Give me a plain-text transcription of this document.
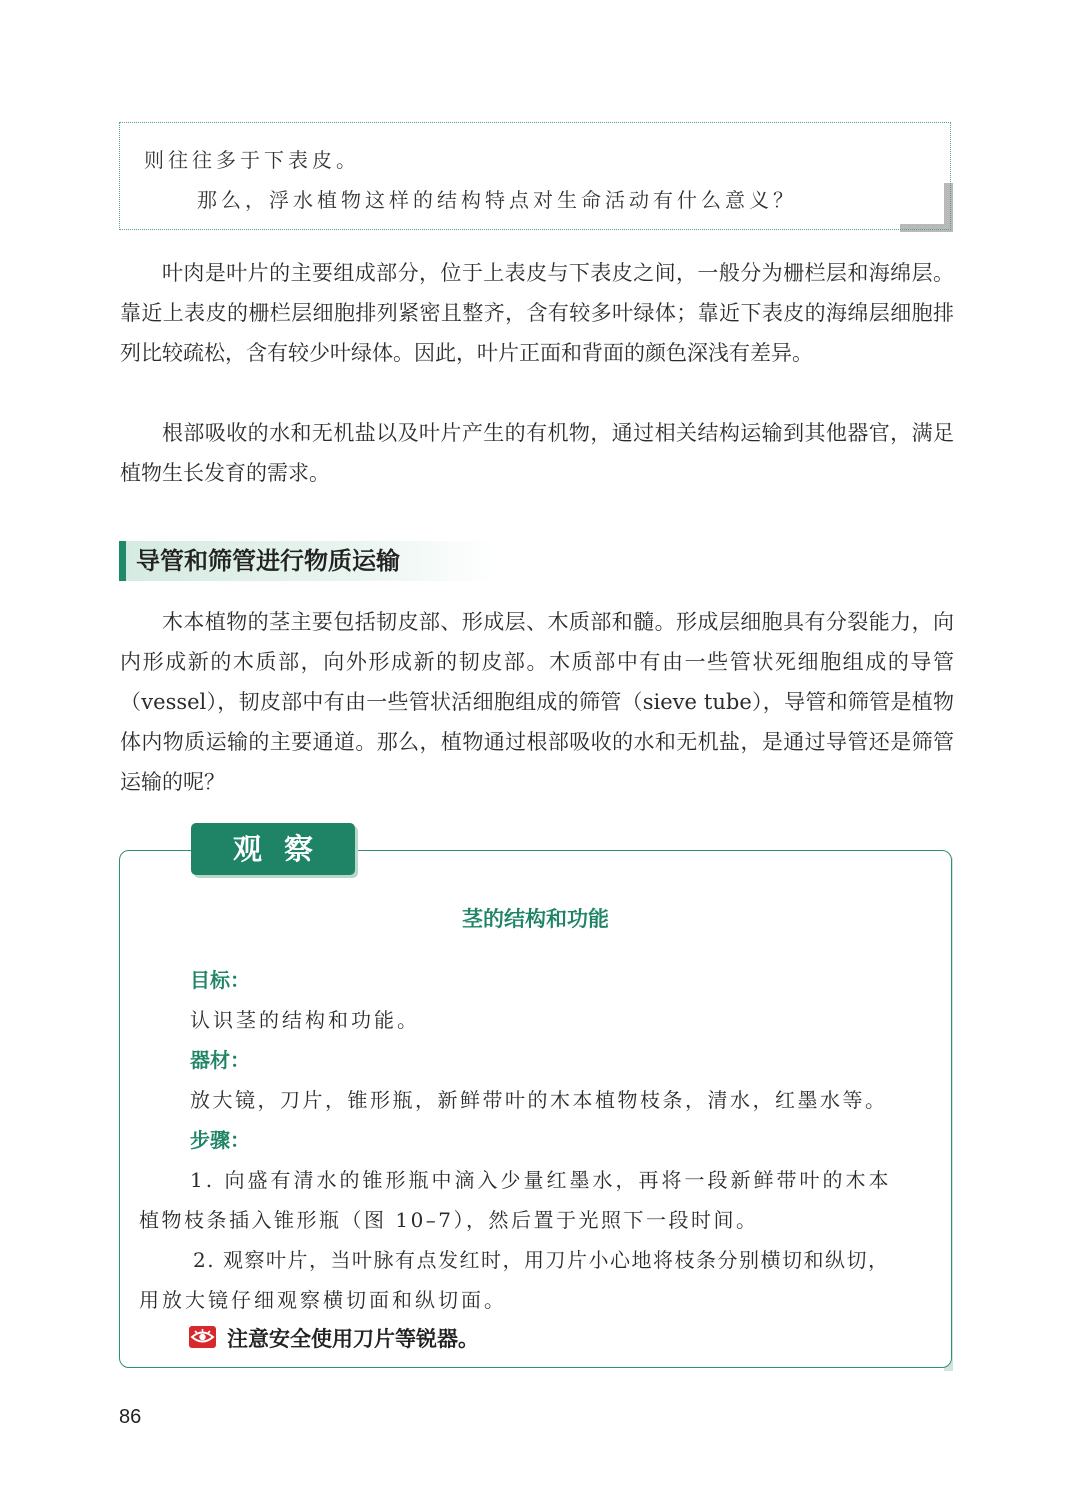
则往往多于下表皮。
那么，浮水植物这样的结构特点对生命活动有什么意义？

叶肉是叶片的主要组成部分，位于上表皮与下表皮之间，一般分为栅栏层和海绵层。靠近上表皮的栅栏层细胞排列紧密且整齐，含有较多叶绿体；靠近下表皮的海绵层细胞排列比较疏松，含有较少叶绿体。因此，叶片正面和背面的颜色深浅有差异。

根部吸收的水和无机盐以及叶片产生的有机物，通过相关结构运输到其他器官，满足植物生长发育的需求。

导管和筛管进行物质运输

木本植物的茎主要包括韧皮部、形成层、木质部和髓。形成层细胞具有分裂能力，向内形成新的木质部，向外形成新的韧皮部。木质部中有由一些管状死细胞组成的导管（vessel），韧皮部中有由一些管状活细胞组成的筛管（sieve tube），导管和筛管是植物体内物质运输的主要通道。那么，植物通过根部吸收的水和无机盐，是通过导管还是筛管运输的呢？

观察
茎的结构和功能
目标：
认识茎的结构和功能。
器材：
放大镜，刀片，锥形瓶，新鲜带叶的木本植物枝条，清水，红墨水等。
步骤：
1. 向盛有清水的锥形瓶中滴入少量红墨水，再将一段新鲜带叶的木本
植物枝条插入锥形瓶（图 10–7），然后置于光照下一段时间。
2. 观察叶片，当叶脉有点发红时，用刀片小心地将枝条分别横切和纵切，
用放大镜仔细观察横切面和纵切面。
注意安全使用刀片等锐器。
86
